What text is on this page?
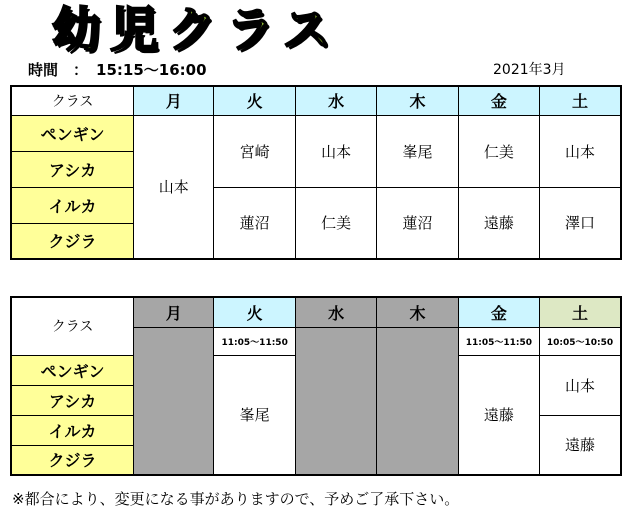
幼児クラス
時間　： 15:15〜16:00	2021年3月
クラス	月	火	水	木	金	土
ペンギン	山本	宮崎	山本	峯尾	仁美	山本
アシカ						
イルカ		蓮沼	仁美	蓮沼	遠藤	澤口
クジラ						
クラス	月	火	水	木	金	土
		11:05〜11:50			11:05〜11:50	10:05〜10:50
ペンギン		峯尾			遠藤	山本
アシカ						
イルカ						遠藤
クジラ						
※都合により、変更になる事がありますので、予めご了承下さい。
